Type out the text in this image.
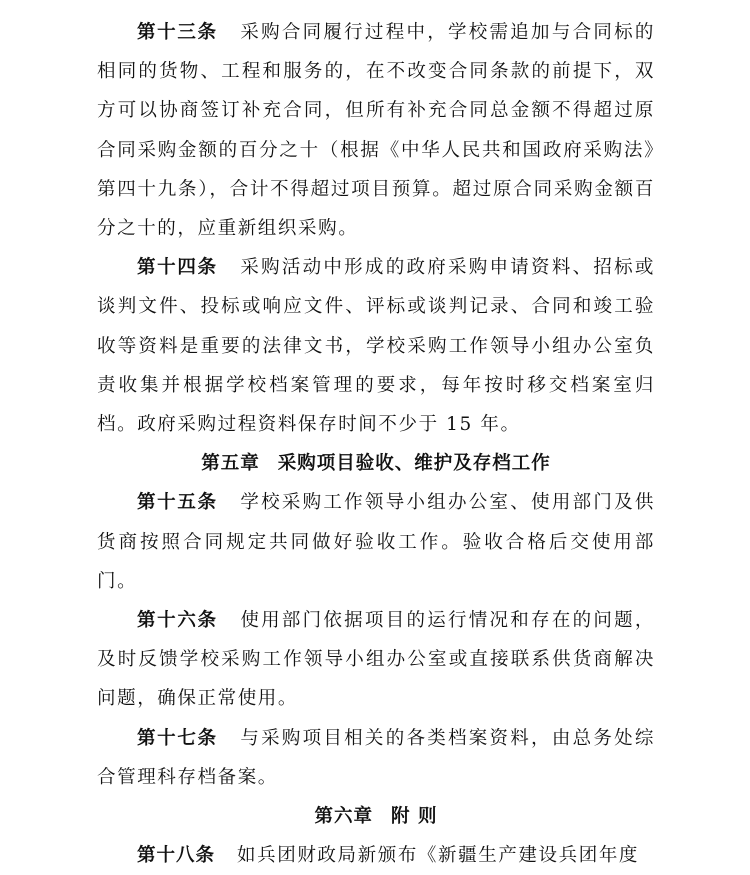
第十三条 采购合同履行过程中，学校需追加与合同标的相同的货物、工程和服务的，在不改变合同条款的前提下，双方可以协商签订补充合同，但所有补充合同总金额不得超过原合同采购金额的百分之十（根据《中华人民共和国政府采购法》第四十九条），合计不得超过项目预算。超过原合同采购金额百分之十的，应重新组织采购。

第十四条 采购活动中形成的政府采购申请资料、招标或谈判文件、投标或响应文件、评标或谈判记录、合同和竣工验收等资料是重要的法律文书，学校采购工作领导小组办公室负责收集并根据学校档案管理的要求，每年按时移交档案室归档。政府采购过程资料保存时间不少于 15 年。

第五章 采购项目验收、维护及存档工作

第十五条 学校采购工作领导小组办公室、使用部门及供货商按照合同规定共同做好验收工作。验收合格后交使用部门。

第十六条 使用部门依据项目的运行情况和存在的问题，及时反馈学校采购工作领导小组办公室或直接联系供货商解决问题，确保正常使用。

第十七条 与采购项目相关的各类档案资料，由总务处综合管理科存档备案。

第六章 附 则

第十八条 如兵团财政局新颁布《新疆生产建设兵团年度
